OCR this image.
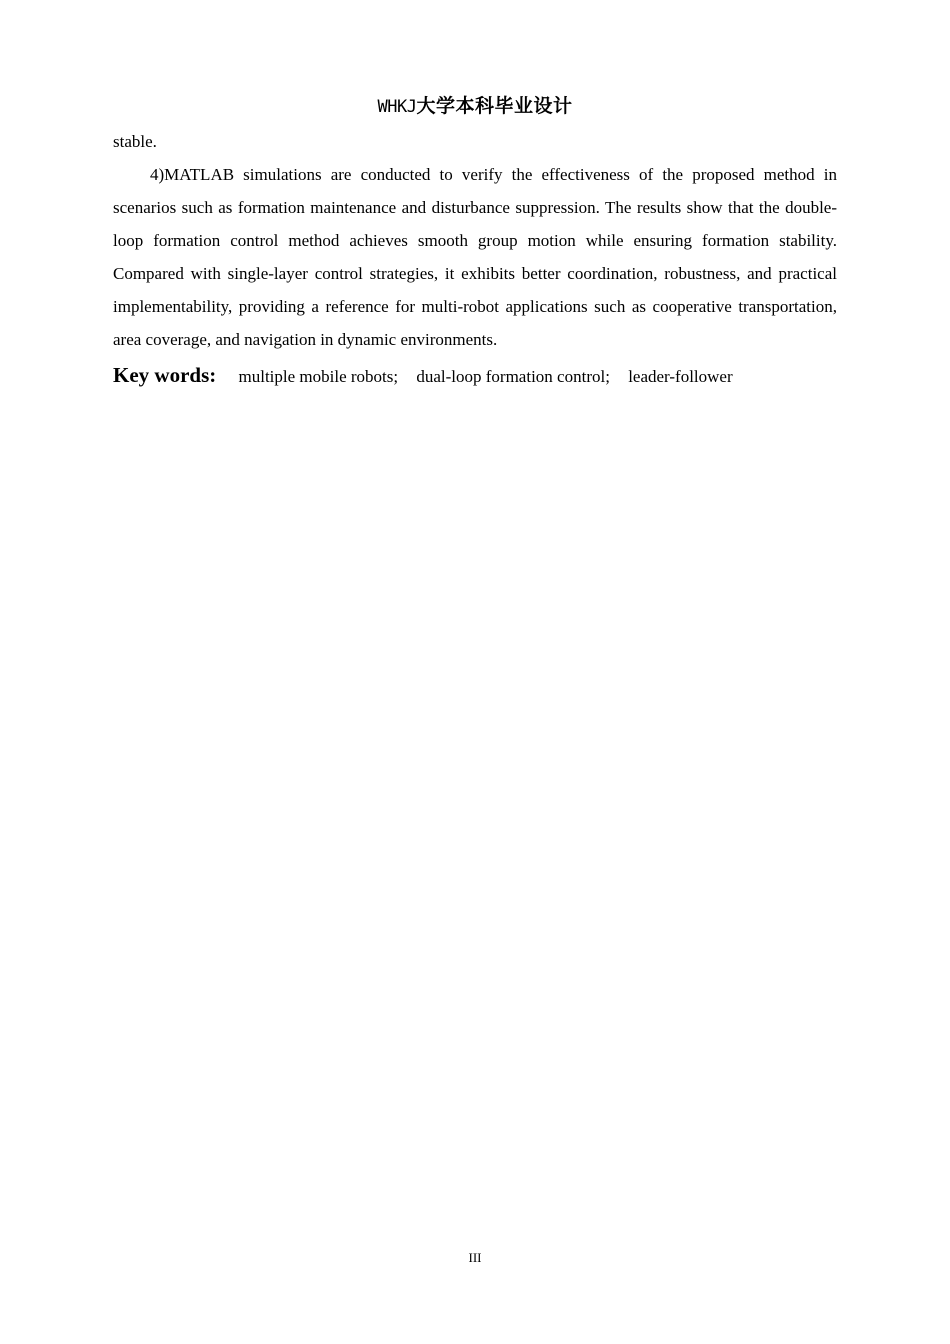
WHKJ大学本科毕业设计

stable.

4)MATLAB simulations are conducted to verify the effectiveness of the proposed method in scenarios such as formation maintenance and disturbance suppression. The results show that the double-loop formation control method achieves smooth group motion while ensuring formation stability. Compared with single-layer control strategies, it exhibits better coordination, robustness, and practical implementability, providing a reference for multi-robot applications such as cooperative transportation, area coverage, and navigation in dynamic environments.

Key words: multiple mobile robots; dual-loop formation control; leader-follower

III
